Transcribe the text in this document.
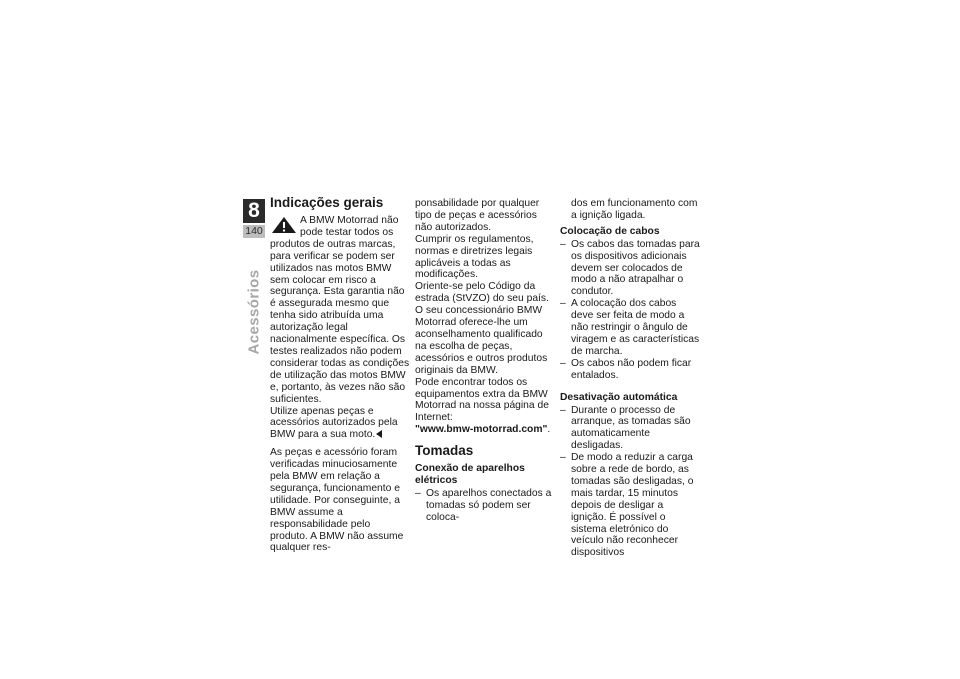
8
140
Acessórios
Indicações gerais

A BMW Motorrad não pode testar todos os produtos de outras marcas, para verificar se podem ser utilizados nas motos BMW sem colocar em risco a segurança. Esta garantia não é assegurada mesmo que tenha sido atribuída uma autorização legal nacionalmente específica. Os testes realizados não podem considerar todas as condições de utilização das motos BMW e, portanto, às vezes não são suficientes.

Utilize apenas peças e acessórios autorizados pela BMW para a sua moto.

As peças e acessório foram verificadas minuciosamente pela BMW em relação a segurança, funcionamento e utilidade. Por conseguinte, a BMW assume a responsabilidade pelo produto. A BMW não assume qualquer res-

ponsabilidade por qualquer tipo de peças e acessórios não autorizados.

Cumprir os regulamentos, normas e diretrizes legais aplicáveis a todas as modificações.

Oriente-se pelo Código da estrada (StVZO) do seu país.

O seu concessionário BMW Motorrad oferece-lhe um aconselhamento qualificado na escolha de peças, acessórios e outros produtos originais da BMW.

Pode encontrar todos os equipamentos extra da BMW Motorrad na nossa página de Internet:

"www.bmw-motorrad.com".

Tomadas
Conexão de aparelhos elétricos
– Os aparelhos conectados a tomadas só podem ser coloca-

dos em funcionamento com a ignição ligada.

Colocação de cabos
– Os cabos das tomadas para os dispositivos adicionais devem ser colocados de modo a não atrapalhar o condutor.
– A colocação dos cabos deve ser feita de modo a não restringir o ângulo de viragem e as características de marcha.
– Os cabos não podem ficar entalados.
Desativação automática
– Durante o processo de arranque, as tomadas são automaticamente desligadas.
– De modo a reduzir a carga sobre a rede de bordo, as tomadas são desligadas, o mais tardar, 15 minutos depois de desligar a ignição. É possível o sistema eletrónico do veículo não reconhecer dispositivos
